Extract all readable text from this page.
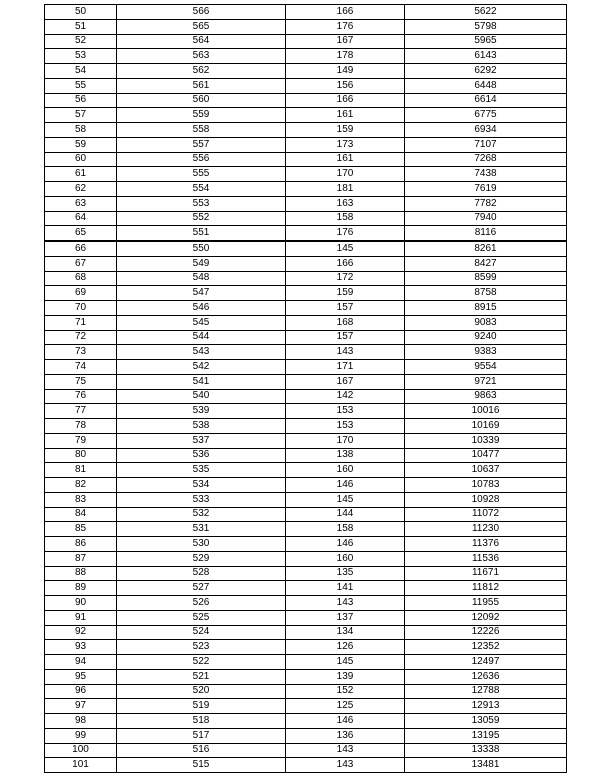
50	566	166	5622
51	565	176	5798
52	564	167	5965
53	563	178	6143
54	562	149	6292
55	561	156	6448
56	560	166	6614
57	559	161	6775
58	558	159	6934
59	557	173	7107
60	556	161	7268
61	555	170	7438
62	554	181	7619
63	553	163	7782
64	552	158	7940
65	551	176	8116
66	550	145	8261
67	549	166	8427
68	548	172	8599
69	547	159	8758
70	546	157	8915
71	545	168	9083
72	544	157	9240
73	543	143	9383
74	542	171	9554
75	541	167	9721
76	540	142	9863
77	539	153	10016
78	538	153	10169
79	537	170	10339
80	536	138	10477
81	535	160	10637
82	534	146	10783
83	533	145	10928
84	532	144	11072
85	531	158	11230
86	530	146	11376
87	529	160	11536
88	528	135	11671
89	527	141	11812
90	526	143	11955
91	525	137	12092
92	524	134	12226
93	523	126	12352
94	522	145	12497
95	521	139	12636
96	520	152	12788
97	519	125	12913
98	518	146	13059
99	517	136	13195
100	516	143	13338
101	515	143	13481
